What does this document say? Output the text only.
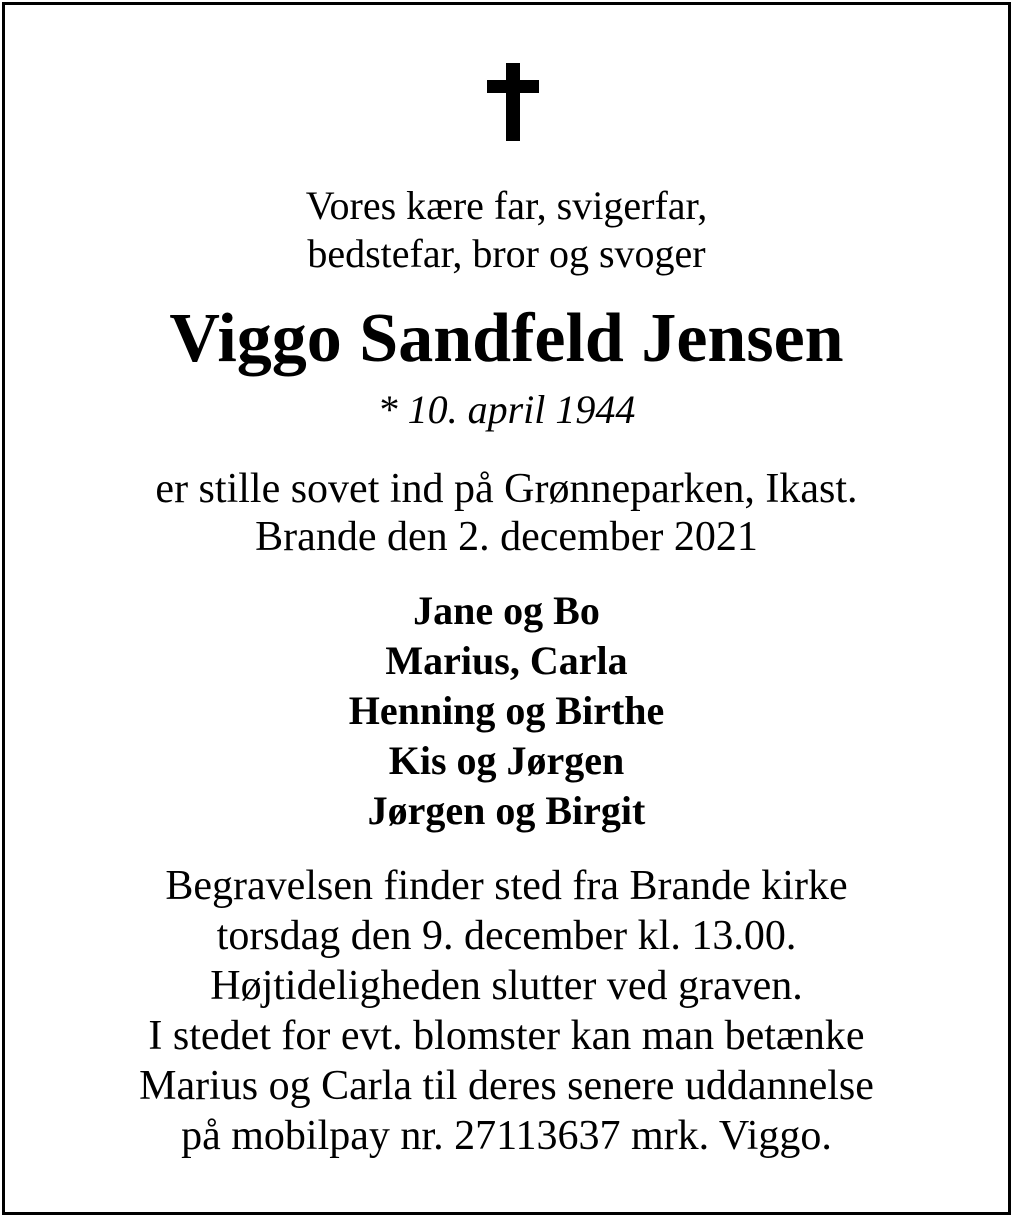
Vores kære far, svigerfar,
bedstefar, bror og svoger
Viggo Sandfeld Jensen
* 10. april 1944
er stille sovet ind på Grønneparken, Ikast.
Brande den 2. december 2021
Jane og Bo
Marius, Carla
Henning og Birthe
Kis og Jørgen
Jørgen og Birgit
Begravelsen finder sted fra Brande kirke
torsdag den 9. december kl. 13.00.
Højtideligheden slutter ved graven.
I stedet for evt. blomster kan man betænke
Marius og Carla til deres senere uddannelse
på mobilpay nr. 27113637 mrk. Viggo.
